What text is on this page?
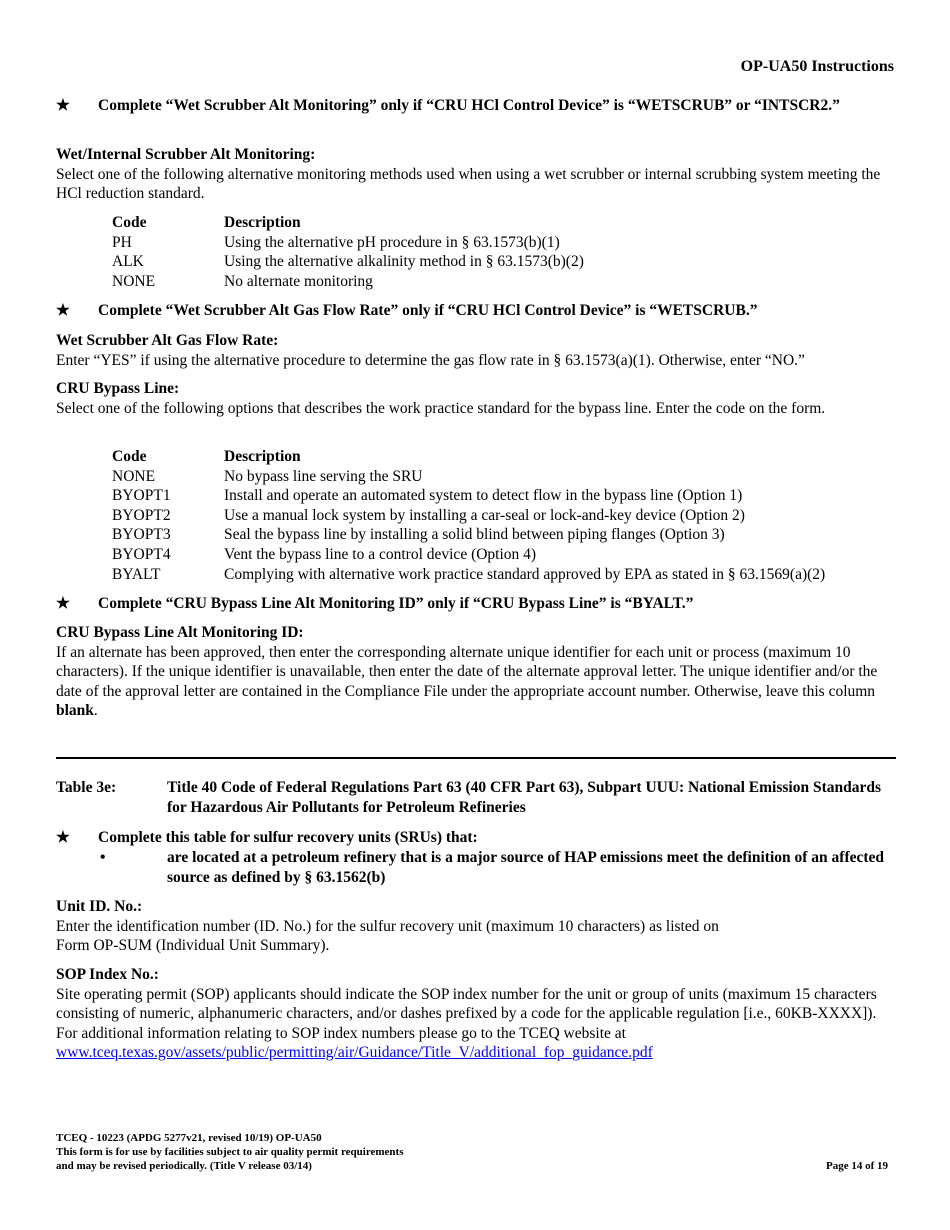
OP-UA50 Instructions
★ Complete “Wet Scrubber Alt Monitoring” only if “CRU HCl Control Device” is “WETSCRUB” or “INTSCR2.”
Wet/Internal Scrubber Alt Monitoring:
Select one of the following alternative monitoring methods used when using a wet scrubber or internal scrubbing system meeting the HCl reduction standard.
Code	Description
PH	Using the alternative pH procedure in § 63.1573(b)(1)
ALK	Using the alternative alkalinity method in § 63.1573(b)(2)
NONE	No alternate monitoring
★ Complete “Wet Scrubber Alt Gas Flow Rate” only if “CRU HCl Control Device” is “WETSCRUB.”
Wet Scrubber Alt Gas Flow Rate:
Enter “YES” if using the alternative procedure to determine the gas flow rate in § 63.1573(a)(1). Otherwise, enter “NO.”
CRU Bypass Line:
Select one of the following options that describes the work practice standard for the bypass line. Enter the code on the form.
Code	Description
NONE	No bypass line serving the SRU
BYOPT1	Install and operate an automated system to detect flow in the bypass line (Option 1)
BYOPT2	Use a manual lock system by installing a car-seal or lock-and-key device (Option 2)
BYOPT3	Seal the bypass line by installing a solid blind between piping flanges (Option 3)
BYOPT4	Vent the bypass line to a control device (Option 4)
BYALT	Complying with alternative work practice standard approved by EPA as stated in § 63.1569(a)(2)
★ Complete “CRU Bypass Line Alt Monitoring ID” only if “CRU Bypass Line” is “BYALT.”
CRU Bypass Line Alt Monitoring ID:
If an alternate has been approved, then enter the corresponding alternate unique identifier for each unit or process (maximum 10 characters). If the unique identifier is unavailable, then enter the date of the alternate approval letter. The unique identifier and/or the date of the approval letter are contained in the Compliance File under the appropriate account number. Otherwise, leave this column blank.
Table 3e:	Title 40 Code of Federal Regulations Part 63 (40 CFR Part 63), Subpart UUU: National Emission Standards for Hazardous Air Pollutants for Petroleum Refineries
★ Complete this table for sulfur recovery units (SRUs) that:
•	are located at a petroleum refinery that is a major source of HAP emissions meet the definition of an affected source as defined by § 63.1562(b)
Unit ID. No.:
Enter the identification number (ID. No.) for the sulfur recovery unit (maximum 10 characters) as listed on
Form OP-SUM (Individual Unit Summary).
SOP Index No.:
Site operating permit (SOP) applicants should indicate the SOP index number for the unit or group of units (maximum 15 characters consisting of numeric, alphanumeric characters, and/or dashes prefixed by a code for the applicable regulation [i.e., 60KB-XXXX]). For additional information relating to SOP index numbers please go to the TCEQ website at www.tceq.texas.gov/assets/public/permitting/air/Guidance/Title_V/additional_fop_guidance.pdf
TCEQ - 10223 (APDG 5277v21, revised 10/19) OP-UA50
This form is for use by facilities subject to air quality permit requirements
and may be revised periodically. (Title V release 03/14)	Page 14 of 19
